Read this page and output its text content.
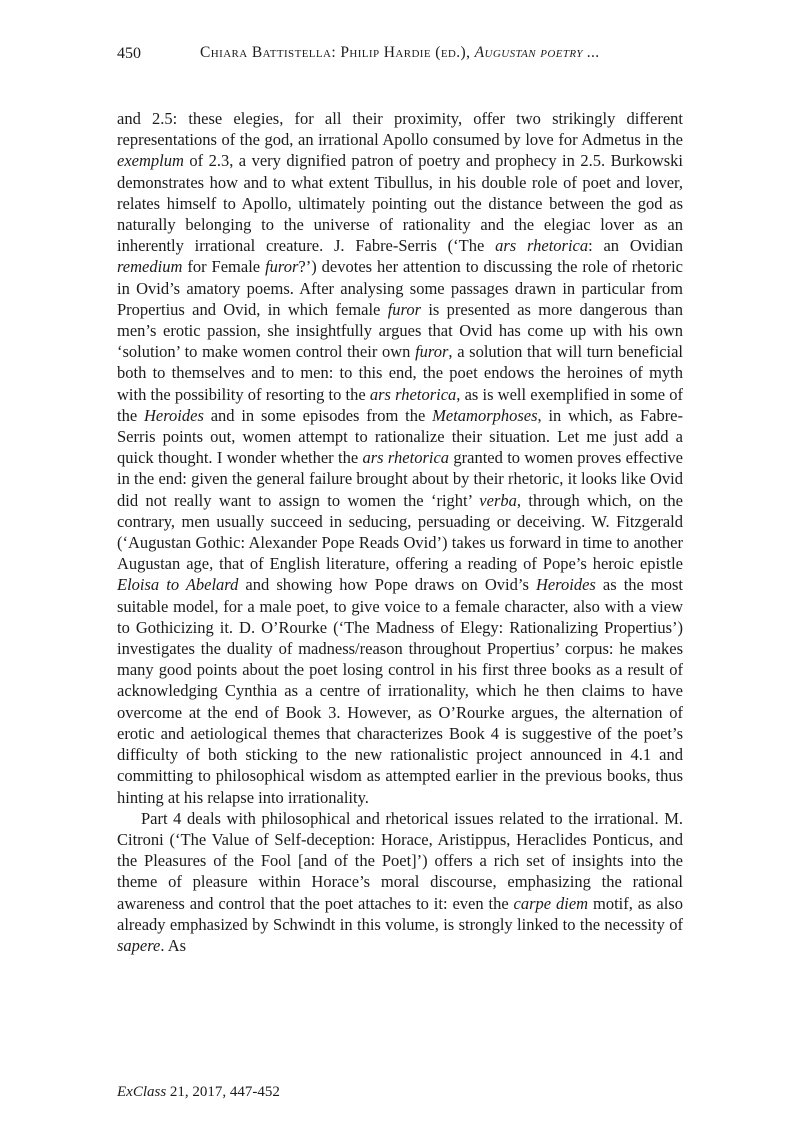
450	Chiara Battistella: Philip Hardie (ed.), Augustan poetry ...

and 2.5: these elegies, for all their proximity, offer two strikingly different representations of the god, an irrational Apollo consumed by love for Admetus in the exemplum of 2.3, a very dignified patron of poetry and prophecy in 2.5. Burkowski demonstrates how and to what extent Tibullus, in his double role of poet and lover, relates himself to Apollo, ultimately pointing out the distance between the god as naturally belonging to the universe of rationality and the elegiac lover as an inherently irrational creature. J. Fabre-Serris (‘The ars rhetorica: an Ovidian remedium for Female furor?’) devotes her attention to discussing the role of rhetoric in Ovid’s amatory poems. After analysing some passages drawn in particular from Propertius and Ovid, in which female furor is presented as more dangerous than men’s erotic passion, she insightfully argues that Ovid has come up with his own ‘solution’ to make women control their own furor, a solution that will turn beneficial both to themselves and to men: to this end, the poet endows the heroines of myth with the possibility of resorting to the ars rhetorica, as is well exemplified in some of the Heroides and in some episodes from the Metamorphoses, in which, as Fabre-Serris points out, women attempt to rationalize their situation. Let me just add a quick thought. I wonder whether the ars rhetorica granted to women proves effective in the end: given the general failure brought about by their rhetoric, it looks like Ovid did not really want to assign to women the ‘right’ verba, through which, on the contrary, men usually succeed in seducing, persuading or deceiving. W. Fitzgerald (‘Augustan Gothic: Alexander Pope Reads Ovid’) takes us forward in time to another Augustan age, that of English literature, offering a reading of Pope’s heroic epistle Eloisa to Abelard and showing how Pope draws on Ovid’s Heroides as the most suitable model, for a male poet, to give voice to a female character, also with a view to Gothicizing it. D. O’Rourke (‘The Madness of Elegy: Rationalizing Propertius’) investigates the duality of madness/reason throughout Propertius’ corpus: he makes many good points about the poet losing control in his first three books as a result of acknowledging Cynthia as a centre of irrationality, which he then claims to have overcome at the end of Book 3. However, as O’Rourke argues, the alternation of erotic and aetiological themes that characterizes Book 4 is suggestive of the poet’s difficulty of both sticking to the new rationalistic project announced in 4.1 and committing to philosophical wisdom as attempted earlier in the previous books, thus hinting at his relapse into irrationality.

Part 4 deals with philosophical and rhetorical issues related to the irrational. M. Citroni (‘The Value of Self-deception: Horace, Aristippus, Heraclides Ponticus, and the Pleasures of the Fool [and of the Poet]’) offers a rich set of insights into the theme of pleasure within Horace’s moral discourse, emphasizing the rational awareness and control that the poet attaches to it: even the carpe diem motif, as also already emphasized by Schwindt in this volume, is strongly linked to the necessity of sapere. As

ExClass 21, 2017, 447-452
